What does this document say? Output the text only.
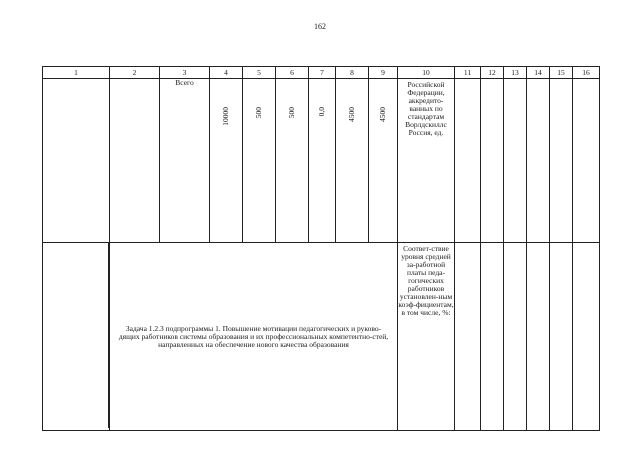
162
1	2	3	4	5	6	7	8	9	10	11	12	13	14	15	16
		Всего	10000	500	500	0,0	4500	4500	Российской Федерации, аккредито-ванных по стандартам Ворлдскиллс Россия, ед.						

	Задача 1.2.3 подпрограммы 1. Повышение мотивации педагогических и руково-дящих работников системы образования и их профессиональных компетентно-стей, направленных на обеспечение нового качества образования								Соответ-ствие уровня средней за-работной платы педа-гогических работников установлен-ным коэф-фициентам, в том числе, %:						
